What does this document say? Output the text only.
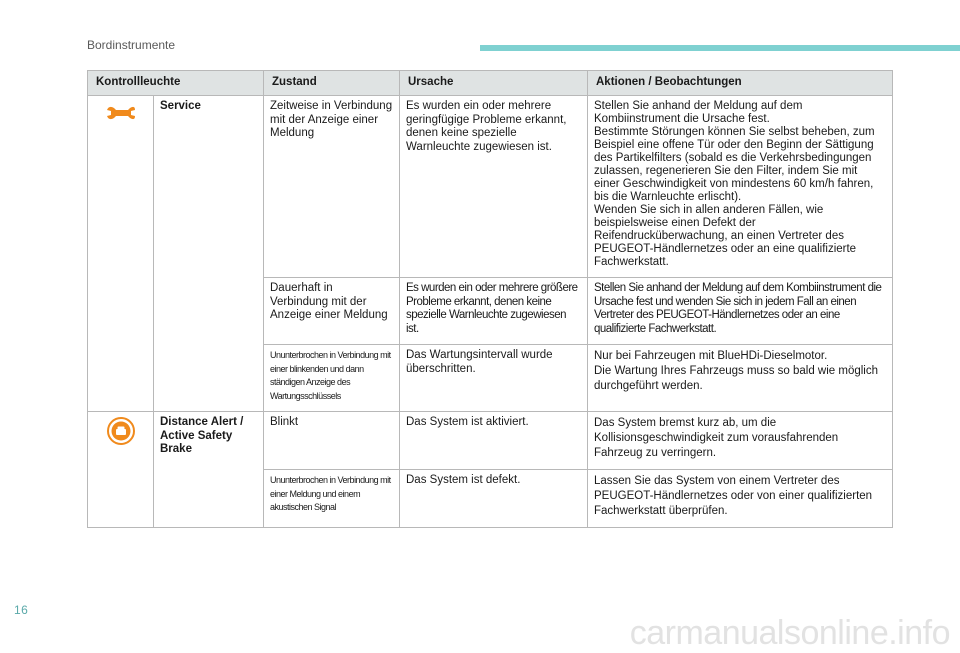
Bordinstrumente
Kontrollleuchte		Zustand	Ursache	Aktionen / Beobachtungen
	Service	Zeitweise in Verbindung mit der Anzeige einer Meldung	Es wurden ein oder mehrere geringfügige Probleme erkannt, denen keine spezielle Warnleuchte zugewiesen ist.	Stellen Sie anhand der Meldung auf dem Kombiinstrument die Ursache fest.
Bestimmte Störungen können Sie selbst beheben, zum Beispiel eine offene Tür oder den Beginn der Sättigung des Partikelfilters (sobald es die Verkehrsbedingungen zulassen, regenerieren Sie den Filter, indem Sie mit einer Geschwindigkeit von mindestens 60 km/h fahren, bis die Warnleuchte erlischt).
Wenden Sie sich in allen anderen Fällen, wie beispielsweise einen Defekt der Reifendrucküberwachung, an einen Vertreter des PEUGEOT-Händlernetzes oder an eine qualifizierte Fachwerkstatt.
		Dauerhaft in Verbindung mit der Anzeige einer Meldung	Es wurden ein oder mehrere größere Probleme erkannt, denen keine spezielle Warnleuchte zugewiesen ist.	Stellen Sie anhand der Meldung auf dem Kombiinstrument die Ursache fest und wenden Sie sich in jedem Fall an einen Vertreter des PEUGEOT-Händlernetzes oder an eine qualifizierte Fachwerkstatt.
		Ununterbrochen in Verbindung mit einer blinkenden und dann ständigen Anzeige des Wartungsschlüssels	Das Wartungsintervall wurde überschritten.	Nur bei Fahrzeugen mit BlueHDi-Dieselmotor.
Die Wartung Ihres Fahrzeugs muss so bald wie möglich durchgeführt werden.
	Distance Alert / Active Safety Brake	Blinkt	Das System ist aktiviert.	Das System bremst kurz ab, um die Kollisionsgeschwindigkeit zum vorausfahrenden Fahrzeug zu verringern.
		Ununterbrochen in Verbindung mit einer Meldung und einem akustischen Signal	Das System ist defekt.	Lassen Sie das System von einem Vertreter des PEUGEOT-Händlernetzes oder von einer qualifizierten Fachwerkstatt überprüfen.
16
carmanualsonline.info
